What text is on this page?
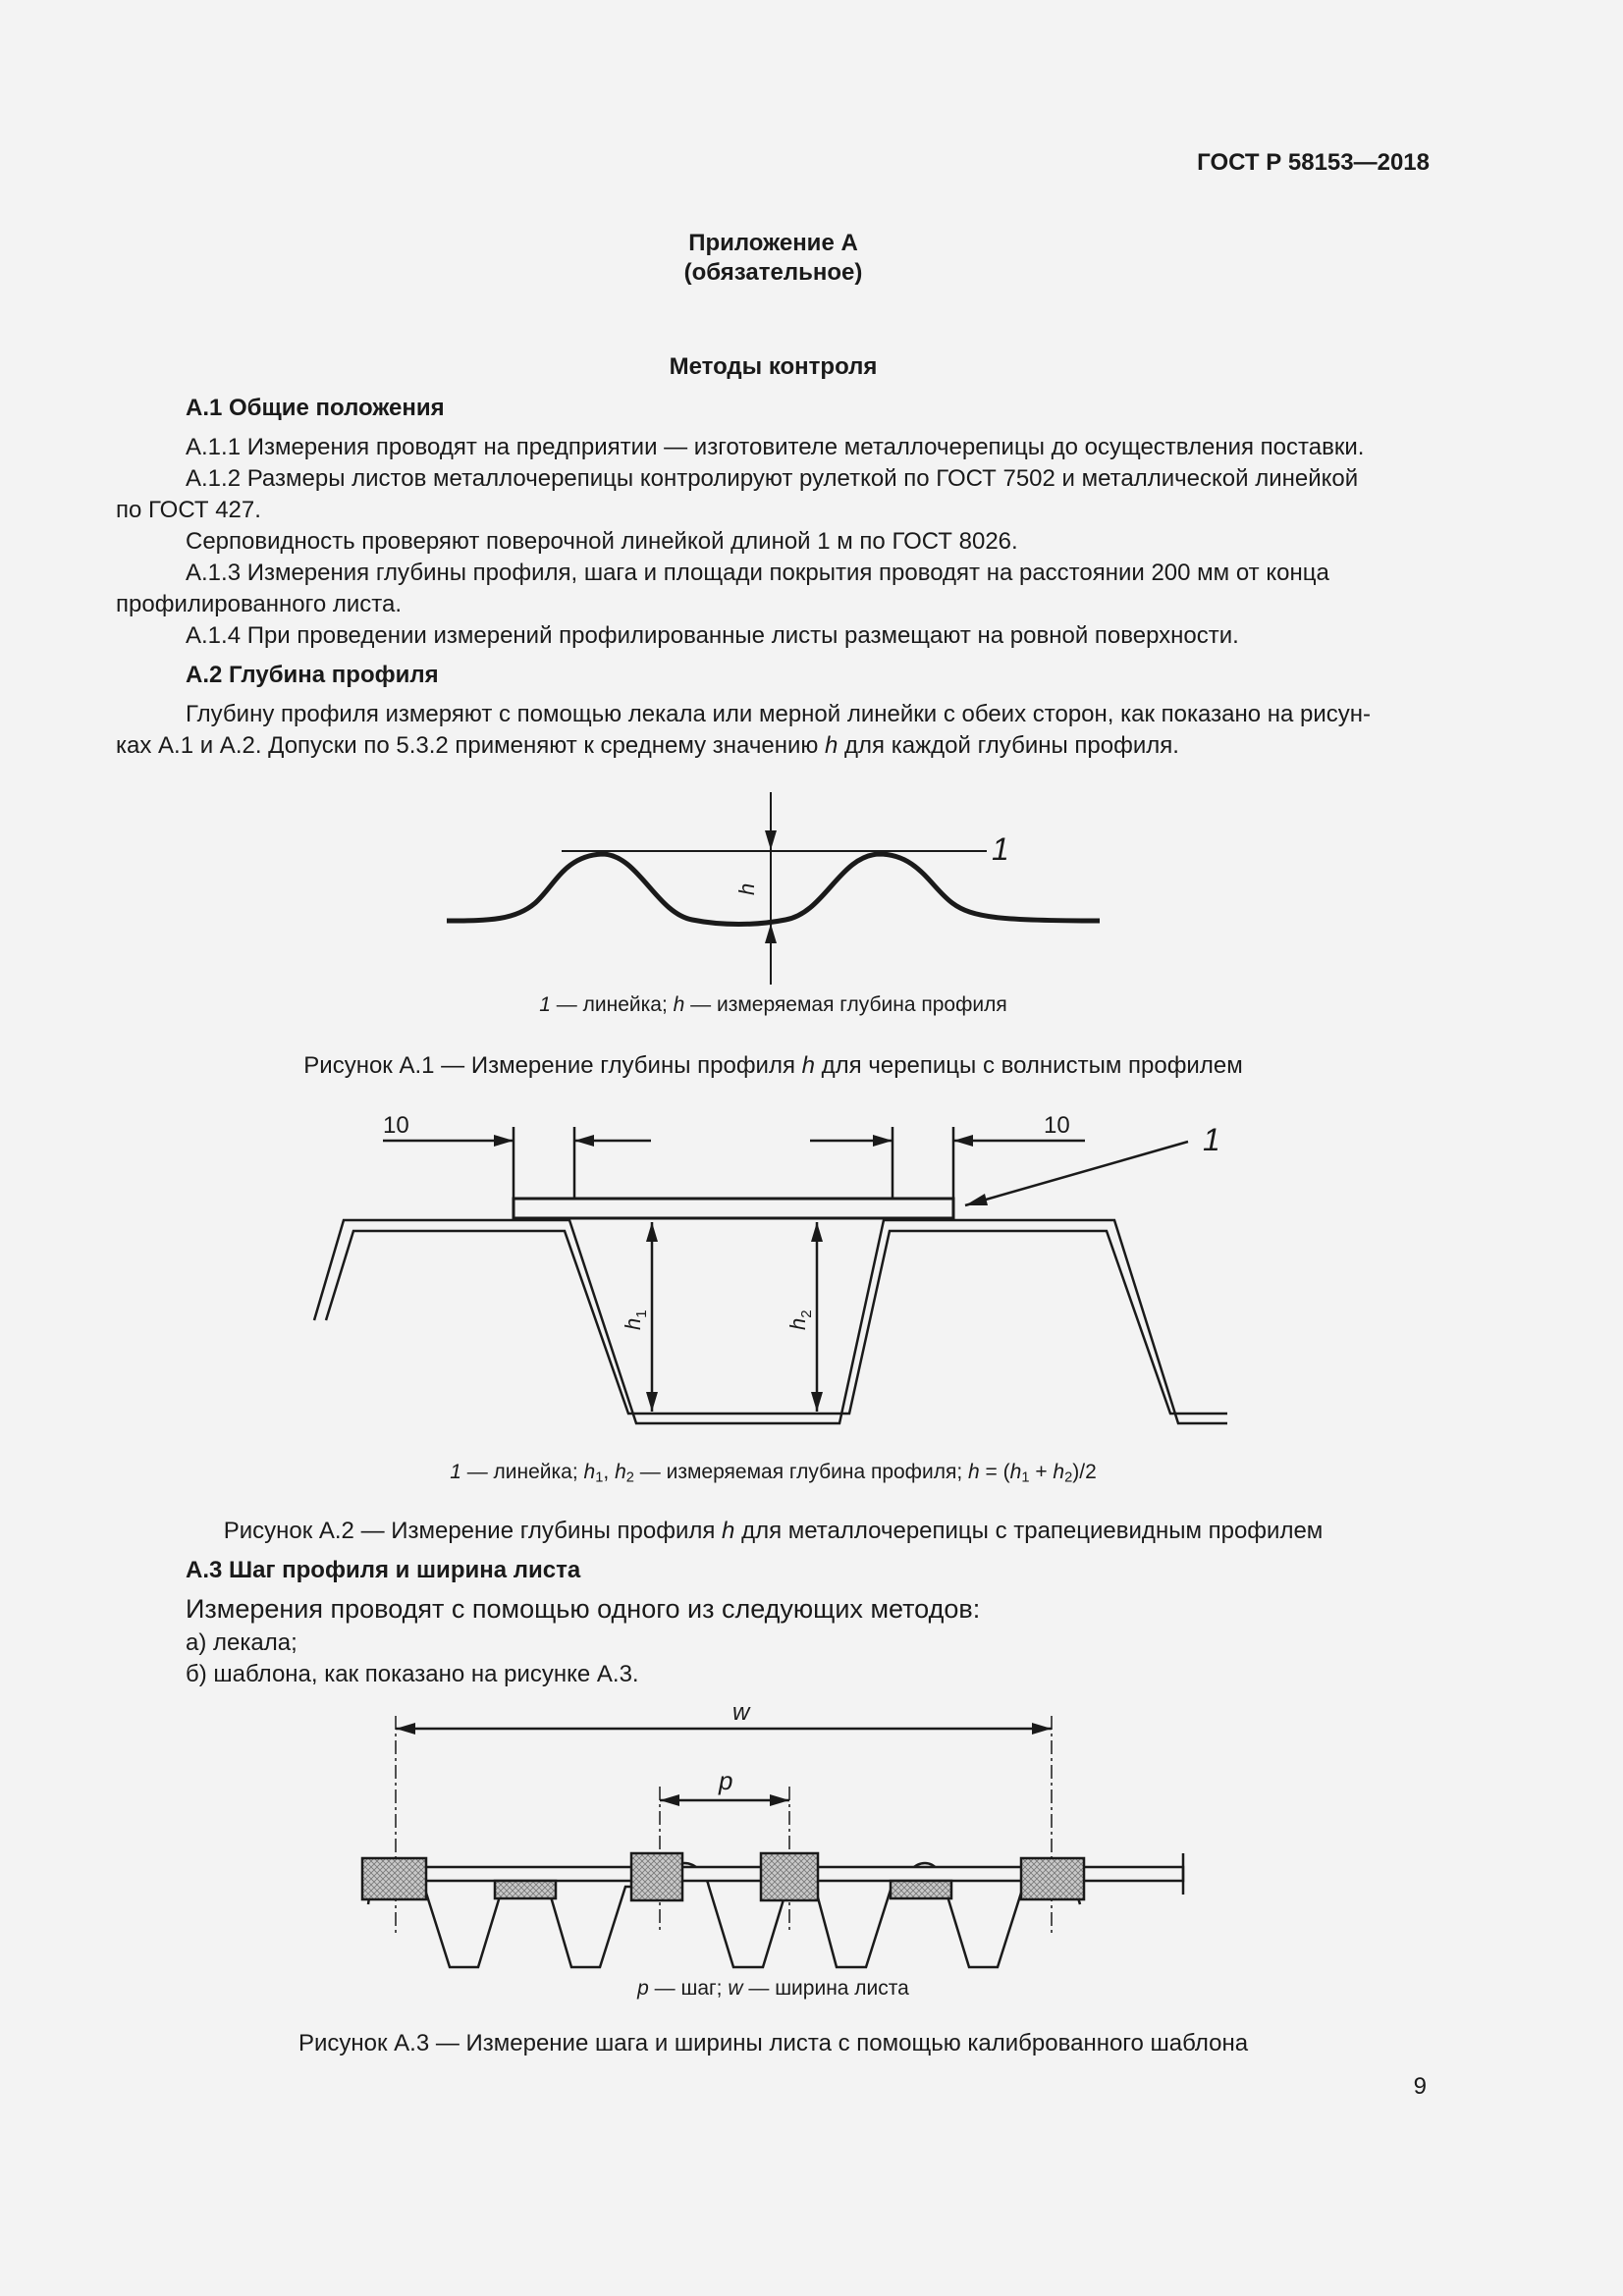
ГОСТ Р 58153—2018
Приложение А
(обязательное)
Методы контроля
А.1 Общие положения
А.1.1 Измерения проводят на предприятии — изготовителе металлочерепицы до осуществления поставки.
А.1.2 Размеры листов металлочерепицы контролируют рулеткой по ГОСТ 7502 и металлической линейкой
по ГОСТ 427.
Серповидность проверяют поверочной линейкой длиной 1 м по ГОСТ 8026.
А.1.3 Измерения глубины профиля, шага и площади покрытия проводят на расстоянии 200 мм от конца
профилированного листа.
А.1.4 При проведении измерений профилированные листы размещают на ровной поверхности.
А.2 Глубина профиля
Глубину профиля измеряют с помощью лекала или мерной линейки с обеих сторон, как показано на рисун-
ках А.1 и А.2. Допуски по 5.3.2 применяют к среднему значению h для каждой глубины профиля.
1
h
1 — линейка; h — измеряемая глубина профиля
Рисунок А.1 — Измерение глубины профиля h для черепицы с волнистым профилем
10	10	1
$h_1$
$h_2$
1 — линейка; $h_1$, $h_2$ — измеряемая глубина профиля; $h = (h_1 + h_2)/2$
Рисунок А.2 — Измерение глубины профиля h для металлочерепицы с трапециевидным профилем
А.3 Шаг профиля и ширина листа
Измерения проводят с помощью одного из следующих методов:
а) лекала;
б) шаблона, как показано на рисунке А.3.
w
p
p — шаг; w — ширина листа
Рисунок А.3 — Измерение шага и ширины листа с помощью калиброванного шаблона
9
